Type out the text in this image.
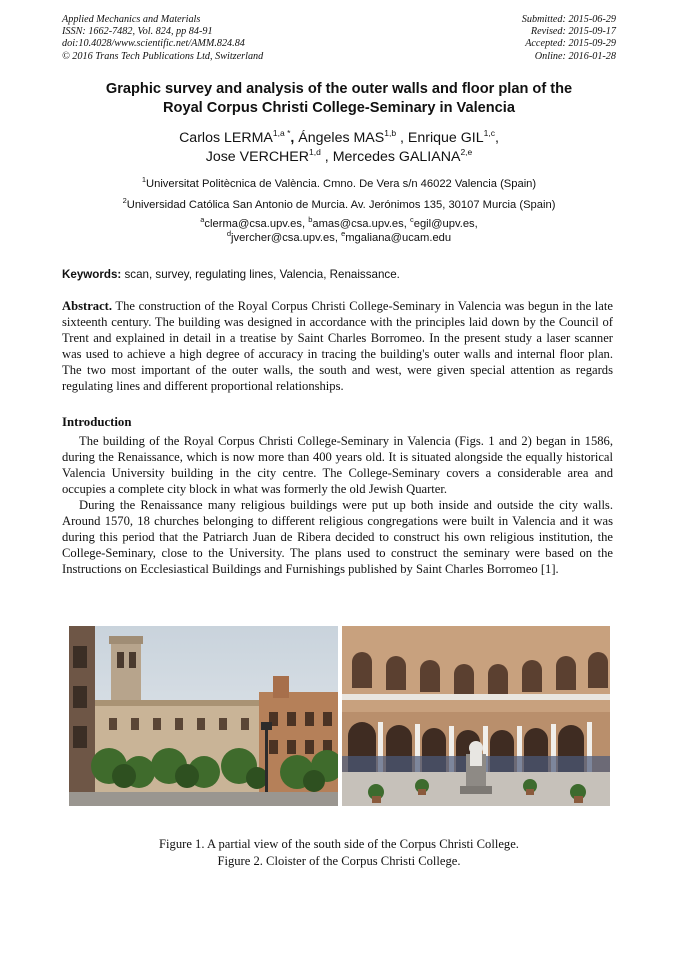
Applied Mechanics and Materials
ISSN: 1662-7482, Vol. 824, pp 84-91
doi:10.4028/www.scientific.net/AMM.824.84
© 2016 Trans Tech Publications Ltd, Switzerland
Submitted: 2015-06-29
Revised: 2015-09-17
Accepted: 2015-09-29
Online: 2016-01-28
Graphic survey and analysis of the outer walls and floor plan of the
Royal Corpus Christi College-Seminary in Valencia
Carlos $LERMA^{1,a *}$, Ángeles MAS$^{1,b}$ , Enrique GIL$^{1,c}$,
Jose VERCHER$^{1,d}$ , Mercedes GALIANA$^{2,e}$
$^1$Universitat Politècnica de València. Cmno. De Vera s/n 46022 Valencia (Spain)
$^2$Universidad Católica San Antonio de Murcia. Av. Jerónimos 135, 30107 Murcia (Spain)
$^a$clerma@csa.upv.es, $^b$amas@csa.upv.es, $^c$egil@upv.es,
$^d$jvercher@csa.upv.es, $^e$mgaliana@ucam.edu
Keywords: scan, survey, regulating lines, Valencia, Renaissance.

Abstract. The construction of the Royal Corpus Christi College-Seminary in Valencia was begun in the late sixteenth century. The building was designed in accordance with the principles laid down by the Council of Trent and explained in detail in a treatise by Saint Charles Borromeo. In the present study a laser scanner was used to achieve a high degree of accuracy in tracing the building's outer walls and internal floor plan. The two most important of the outer walls, the south and west, were given special attention as regards regulating lines and different proportional relationships.

Introduction

The building of the Royal Corpus Christi College-Seminary in Valencia (Figs. 1 and 2) began in 1586, during the Renaissance, which is now more than 400 years old. It is situated alongside the equally historical Valencia University building in the city centre. The College-Seminary covers a considerable area and occupies a complete city block in what was formerly the old Jewish Quarter.

During the Renaissance many religious buildings were put up both inside and outside the city walls. Around 1570, 18 churches belonging to different religious congregations were built in Valencia and it was during this period that the Patriarch Juan de Ribera decided to construct his own religious institution, the College-Seminary, close to the University. The plans used to construct the seminary were based on the Instructions on Ecclesiastical Buildings and Furnishings published by Saint Charles Borromeo [1].

Figure 1. A partial view of the south side of the Corpus Christi College.
Figure 2. Cloister of the Corpus Christi College.
